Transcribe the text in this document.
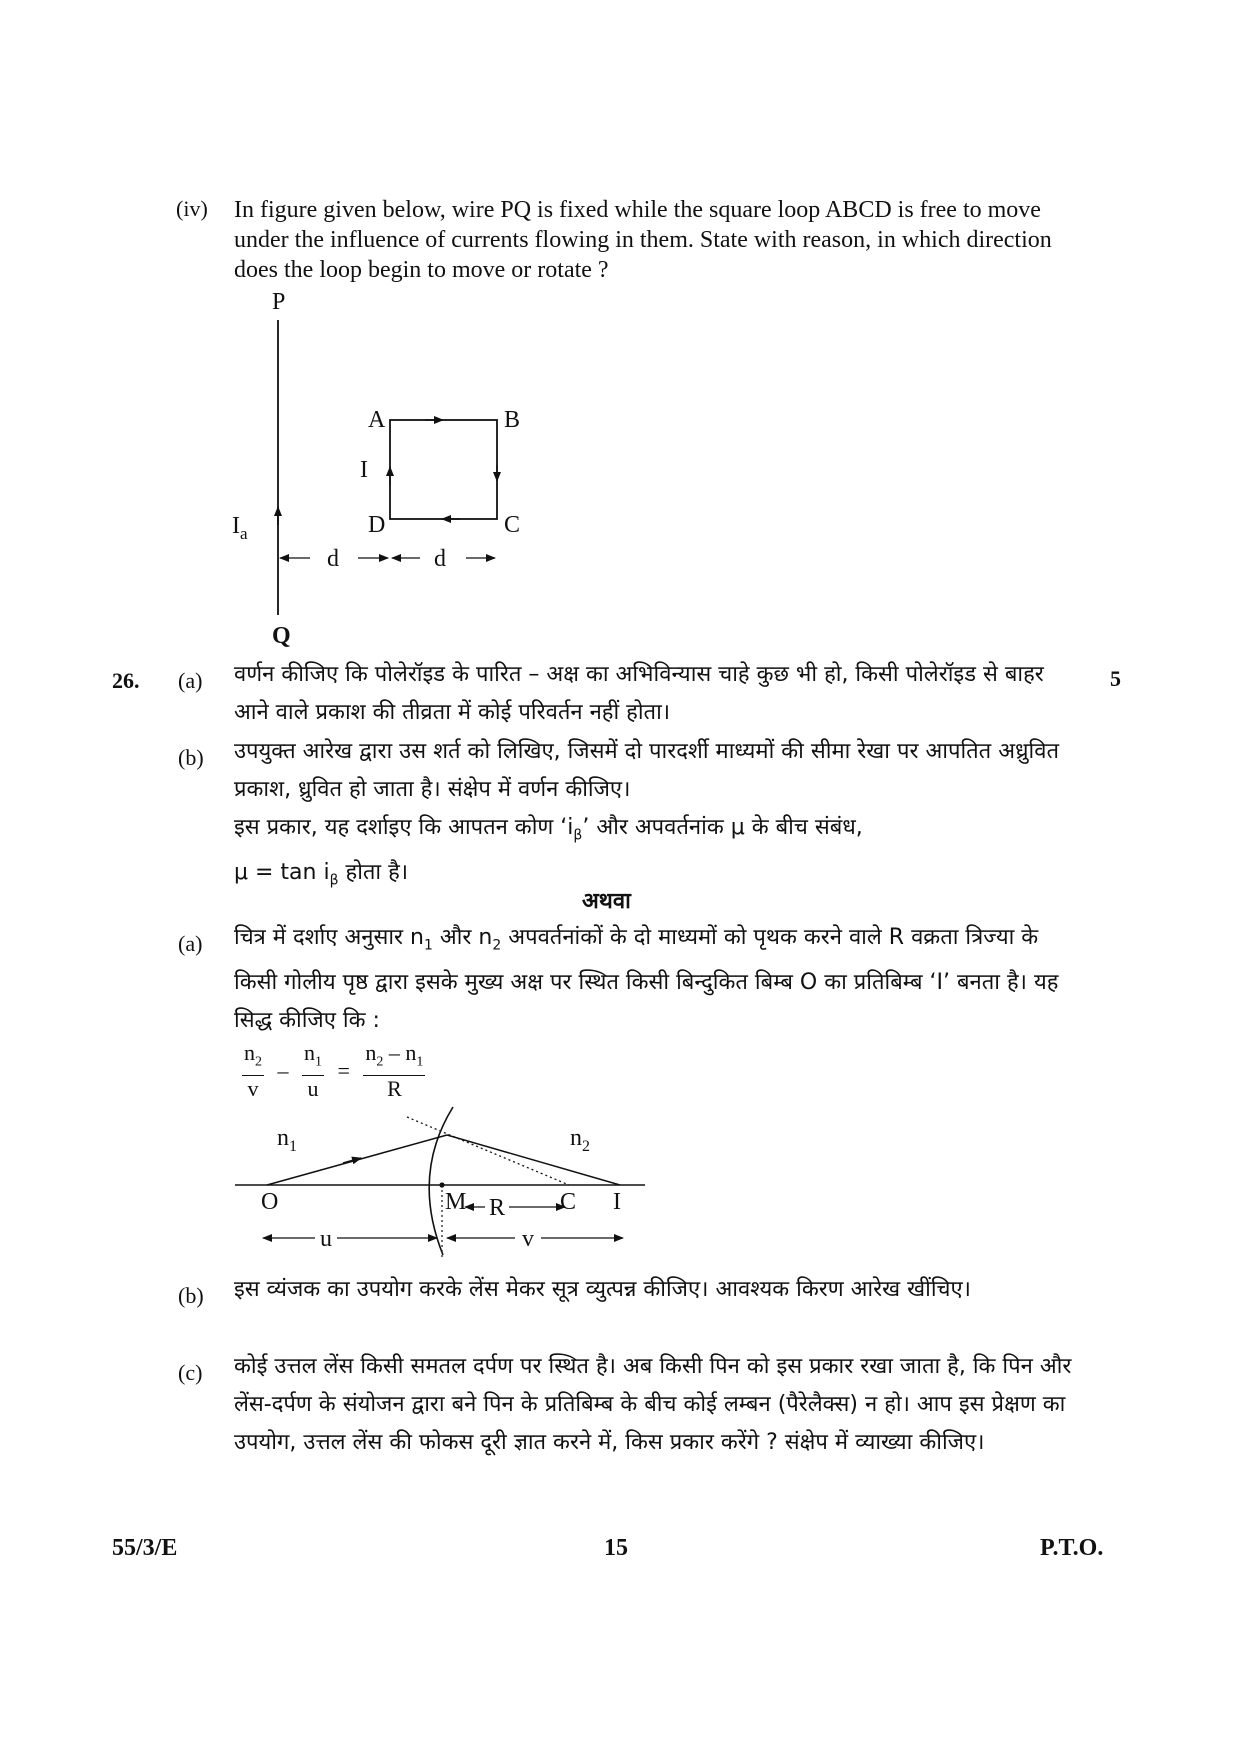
(iv) In figure given below, wire PQ is fixed while the square loop ABCD is free to move under the influence of currents flowing in them. State with reason, in which direction does the loop begin to move or rotate ?
P
Q
$I_a$
A	B
C
D
I
d	d
26.	5
(a) वर्णन कीजिए कि पोलेरॉइड के पारित – अक्ष का अभिविन्यास चाहे कुछ भी हो, किसी पोलेरॉइड से बाहर आने वाले प्रकाश की तीव्रता में कोई परिवर्तन नहीं होता।
(b) उपयुक्त आरेख द्वारा उस शर्त को लिखिए, जिसमें दो पारदर्शी माध्यमों की सीमा रेखा पर आपतित अध्रुवित प्रकाश, ध्रुवित हो जाता है। संक्षेप में वर्णन कीजिए।
इस प्रकार, यह दर्शाइए कि आपतन कोण ‘$i_\beta$’ और अपवर्तनांक μ के बीच संबंध,
$\mu = \tan i_\beta$ होता है।
अथवा
(a) चित्र में दर्शाए अनुसार $n_1$ और $n_2$ अपवर्तनांकों के दो माध्यमों को पृथक करने वाले R वक्रता त्रिज्या के किसी गोलीय पृष्ठ द्वारा इसके मुख्य अक्ष पर स्थित किसी बिन्दुकित बिम्ब O का प्रतिबिम्ब ‘I’ बनता है। यह सिद्ध कीजिए कि :
$\frac{n_2}{v} - \frac{n_1}{u} = \frac{n_2 - n_1}{R}$
$n_1$	$n_2$
O	M	C I
R
u	v
(b) इस व्यंजक का उपयोग करके लेंस मेकर सूत्र व्युत्पन्न कीजिए। आवश्यक किरण आरेख खींचिए।
(c) कोई उत्तल लेंस किसी समतल दर्पण पर स्थित है। अब किसी पिन को इस प्रकार रखा जाता है, कि पिन और लेंस-दर्पण के संयोजन द्वारा बने पिन के प्रतिबिम्ब के बीच कोई लम्बन (पैरेलैक्स) न हो। आप इस प्रेक्षण का उपयोग, उत्तल लेंस की फोकस दूरी ज्ञात करने में, किस प्रकार करेंगे ? संक्षेप में व्याख्या कीजिए।
55/3/E	15	P.T.O.
